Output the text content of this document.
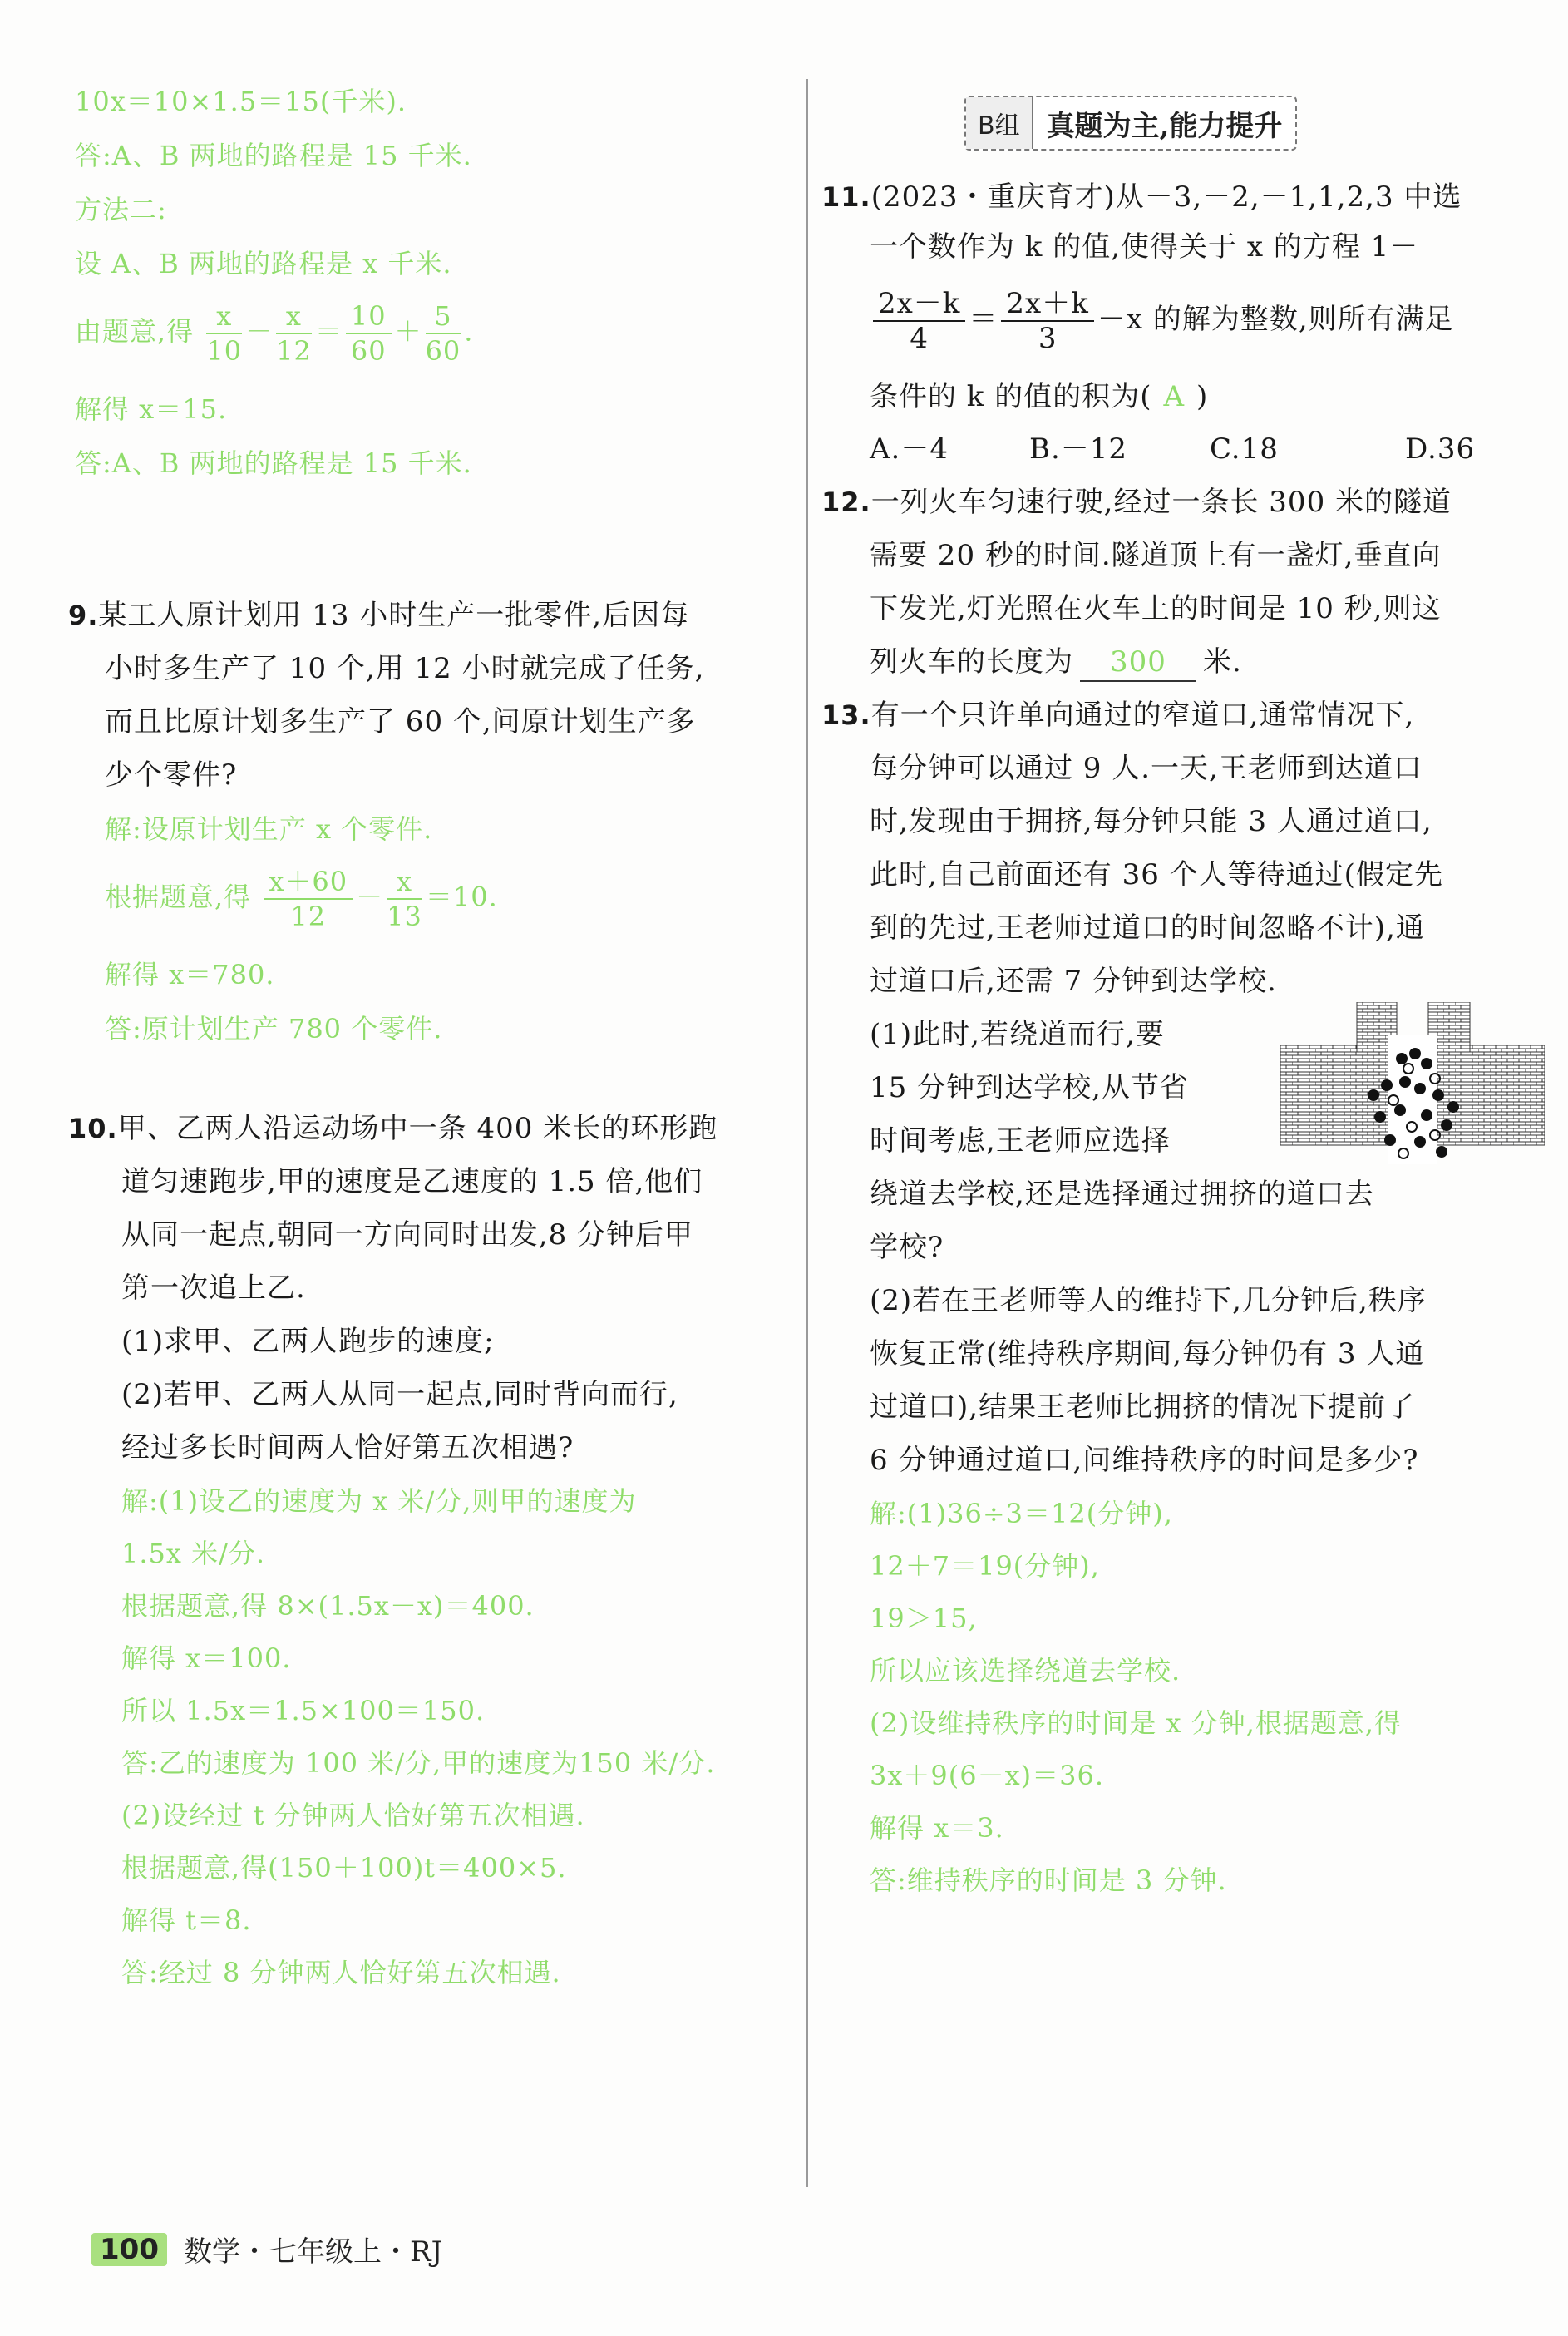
10x＝10×1.5＝15(千米).
答:A、B 两地的路程是 15 千米.
方法二:
设 A、B 两地的路程是 x 千米.
由题意,得 $\frac{x}{10} - \frac{x}{12} = \frac{10}{60} + \frac{5}{60}$ .
解得 x＝15.
答:A、B 两地的路程是 15 千米.
9.某工人原计划用 13 小时生产一批零件,后因每
小时多生产了 10 个,用 12 小时就完成了任务,
而且比原计划多生产了 60 个,问原计划生产多
少个零件?
解:设原计划生产 x 个零件.
根据题意,得 $\frac{x+60}{12} - \frac{x}{13} =10$.
解得 x＝780.
答:原计划生产 780 个零件.
10.甲、乙两人沿运动场中一条 400 米长的环形跑
道匀速跑步,甲的速度是乙速度的 1.5 倍,他们
从同一起点,朝同一方向同时出发,8 分钟后甲
第一次追上乙.
(1)求甲、乙两人跑步的速度;
(2)若甲、乙两人从同一起点,同时背向而行,
经过多长时间两人恰好第五次相遇?
解:(1)设乙的速度为 x 米/分,则甲的速度为
1.5x 米/分.
根据题意,得 8×(1.5x－x)＝400.
解得 x＝100.
所以 1.5x＝1.5×100＝150.
答:乙的速度为 100 米/分,甲的速度为150 米/分.
(2)设经过 t 分钟两人恰好第五次相遇.
根据题意,得(150＋100)t＝400×5.
解得 t＝8.
答:经过 8 分钟两人恰好第五次相遇.
B组 真题为主,能力提升
11.(2023・重庆育才)从－3,－2,－1,1,2,3 中选
一个数作为 k 的值,使得关于 x 的方程 1－
$\frac{2x-k}{4} = \frac{2x+k}{3} -x$ 的解为整数,则所有满足
条件的 k 的值的积为( A )
A.－4	B.－12	C.18	D.36
12.一列火车匀速行驶,经过一条长 300 米的隧道
需要 20 秒的时间.隧道顶上有一盏灯,垂直向
下发光,灯光照在火车上的时间是 10 秒,则这
列火车的长度为 300 米.
13.有一个只许单向通过的窄道口,通常情况下,
每分钟可以通过 9 人.一天,王老师到达道口
时,发现由于拥挤,每分钟只能 3 人通过道口,
此时,自己前面还有 36 个人等待通过(假定先
到的先过,王老师过道口的时间忽略不计),通
过道口后,还需 7 分钟到达学校.
(1)此时,若绕道而行,要
15 分钟到达学校,从节省
时间考虑,王老师应选择
绕道去学校,还是选择通过拥挤的道口去
学校?
(2)若在王老师等人的维持下,几分钟后,秩序
恢复正常(维持秩序期间,每分钟仍有 3 人通
过道口),结果王老师比拥挤的情况下提前了
6 分钟通过道口,问维持秩序的时间是多少?
解:(1)36÷3＝12(分钟),
12＋7＝19(分钟),
19＞15,
所以应该选择绕道去学校.
(2)设维持秩序的时间是 x 分钟,根据题意,得
3x＋9(6－x)＝36.
解得 x＝3.
答:维持秩序的时间是 3 分钟.
100 数学・七年级上・RJ
